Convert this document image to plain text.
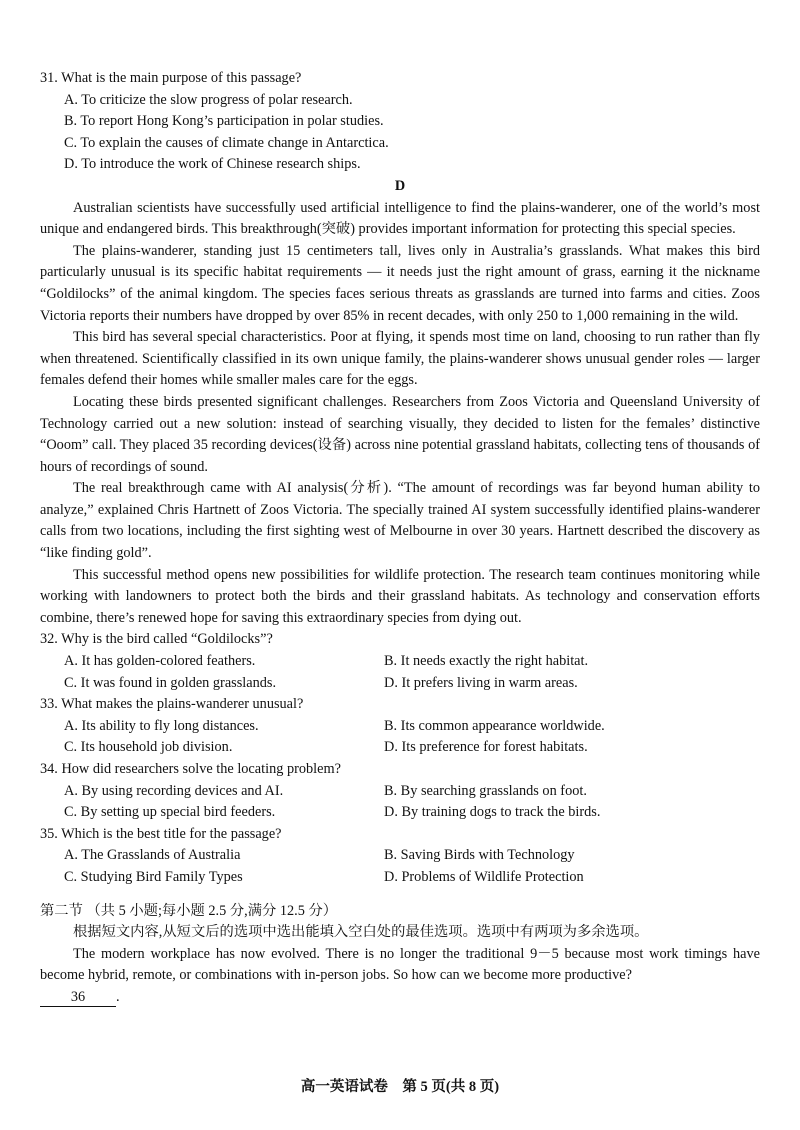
31. What is the main purpose of this passage?

A. To criticize the slow progress of polar research.

B. To report Hong Kong’s participation in polar studies.

C. To explain the causes of climate change in Antarctica.

D. To introduce the work of Chinese research ships.

D

Australian scientists have successfully used artificial intelligence to find the plains-wanderer, one of the world’s most unique and endangered birds. This breakthrough(突破) provides important information for protecting this special species.

The plains-wanderer, standing just 15 centimeters tall, lives only in Australia’s grasslands. What makes this bird particularly unusual is its specific habitat requirements — it needs just the right amount of grass, earning it the nickname “Goldilocks” of the animal kingdom. The species faces serious threats as grasslands are turned into farms and cities. Zoos Victoria reports their numbers have dropped by over 85% in recent decades, with only 250 to 1,000 remaining in the wild.

This bird has several special characteristics. Poor at flying, it spends most time on land, choosing to run rather than fly when threatened. Scientifically classified in its own unique family, the plains-wanderer shows unusual gender roles — larger females defend their homes while smaller males care for the eggs.

Locating these birds presented significant challenges. Researchers from Zoos Victoria and Queensland University of Technology carried out a new solution: instead of searching visually, they decided to listen for the females’ distinctive “Ooom” call. They placed 35 recording devices(设备) across nine potential grassland habitats, collecting tens of thousands of hours of recordings of sound.

The real breakthrough came with AI analysis(分析). “The amount of recordings was far beyond human ability to analyze,” explained Chris Hartnett of Zoos Victoria. The specially trained AI system successfully identified plains-wanderer calls from two locations, including the first sighting west of Melbourne in over 30 years. Hartnett described the discovery as “like finding gold”.

This successful method opens new possibilities for wildlife protection. The research team continues monitoring while working with landowners to protect both the birds and their grassland habitats. As technology and conservation efforts combine, there’s renewed hope for saving this extraordinary species from dying out.

32. Why is the bird called “Goldilocks”?

A. It has golden-colored feathers.	B. It needs exactly the right habitat.
C. It was found in golden grasslands.	D. It prefers living in warm areas.

33. What makes the plains-wanderer unusual?

A. Its ability to fly long distances.	B. Its common appearance worldwide.
C. Its household job division.	D. Its preference for forest habitats.

34. How did researchers solve the locating problem?

A. By using recording devices and AI.	B. By searching grasslands on foot.
C. By setting up special bird feeders.	D. By training dogs to track the birds.

35. Which is the best title for the passage?

A. The Grasslands of Australia	B. Saving Birds with Technology
C. Studying Bird Family Types	D. Problems of Wildlife Protection

第二节 （共 5 小题;每小题 2.5 分,满分 12.5 分）

根据短文内容,从短文后的选项中选出能填入空白处的最佳选项。选项中有两项为多余选项。

The modern workplace has now evolved. There is no longer the traditional 9－5 because most work timings have become hybrid, remote, or combinations with in-person jobs. So how can we become more productive?

36 .

高一英语试卷　第 5 页(共 8 页)
